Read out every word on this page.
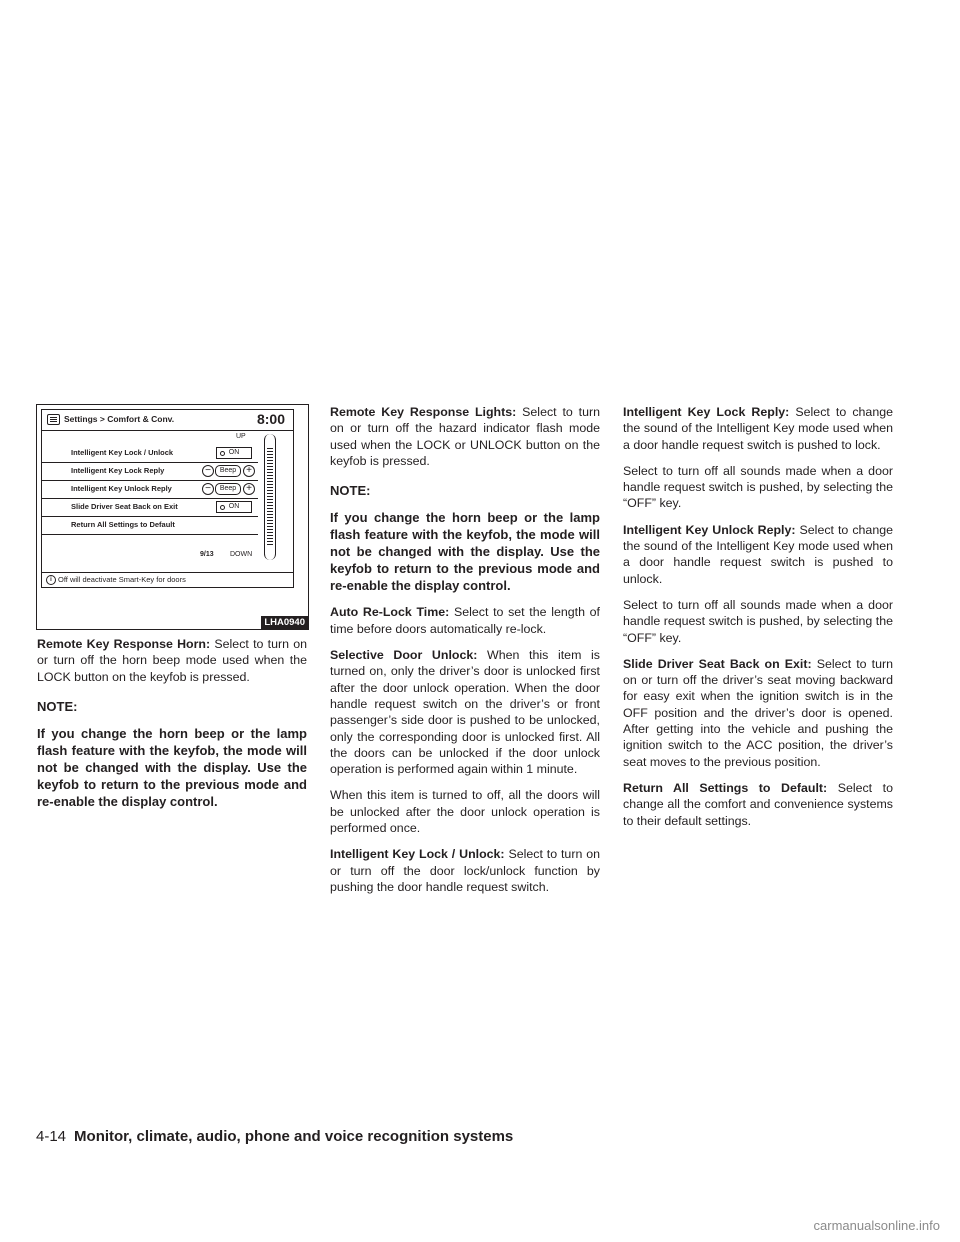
Settings > Comfort & Conv.	8:00
UP
Intelligent Key Lock / Unlock	ON
Intelligent Key Lock Reply	−	Beep +
Intelligent Key Unlock Reply	−	Beep +
Slide Driver Seat Back on Exit	ON
Return All Settings to Default
9/13 DOWN
i Off will deactivate Smart-Key for doors
LHA0940

Remote Key Response Horn: Select to turn on or turn off the horn beep mode used when the LOCK button on the keyfob is pressed.

NOTE:

If you change the horn beep or the lamp flash feature with the keyfob, the mode will not be changed with the display. Use the keyfob to return to the previous mode and re-enable the display control.

Remote Key Response Lights: Select to turn on or turn off the hazard indicator flash mode used when the LOCK or UNLOCK button on the keyfob is pressed.

NOTE:

If you change the horn beep or the lamp flash feature with the keyfob, the mode will not be changed with the display. Use the keyfob to return to the previous mode and re-enable the display control.

Auto Re-Lock Time: Select to set the length of time before doors automatically re-lock.

Selective Door Unlock: When this item is turned on, only the driver’s door is unlocked first after the door unlock operation. When the door handle request switch on the driver’s or front passenger’s side door is pushed to be unlocked, only the corresponding door is unlocked first. All the doors can be unlocked if the door unlock operation is performed again within 1 minute.

When this item is turned to off, all the doors will be unlocked after the door unlock operation is performed once.

Intelligent Key Lock / Unlock: Select to turn on or turn off the door lock/unlock function by pushing the door handle request switch.

Intelligent Key Lock Reply: Select to change the sound of the Intelligent Key mode used when a door handle request switch is pushed to lock.

Select to turn off all sounds made when a door handle request switch is pushed, by selecting the “OFF” key.

Intelligent Key Unlock Reply: Select to change the sound of the Intelligent Key mode used when a door handle request switch is pushed to unlock.

Select to turn off all sounds made when a door handle request switch is pushed, by selecting the “OFF” key.

Slide Driver Seat Back on Exit: Select to turn on or turn off the driver’s seat moving backward for easy exit when the ignition switch is in the OFF position and the driver’s door is opened. After getting into the vehicle and pushing the ignition switch to the ACC position, the driver’s seat moves to the previous position.

Return All Settings to Default: Select to change all the comfort and convenience systems to their default settings.

4-14 Monitor, climate, audio, phone and voice recognition systems
carmanualsonline.info
